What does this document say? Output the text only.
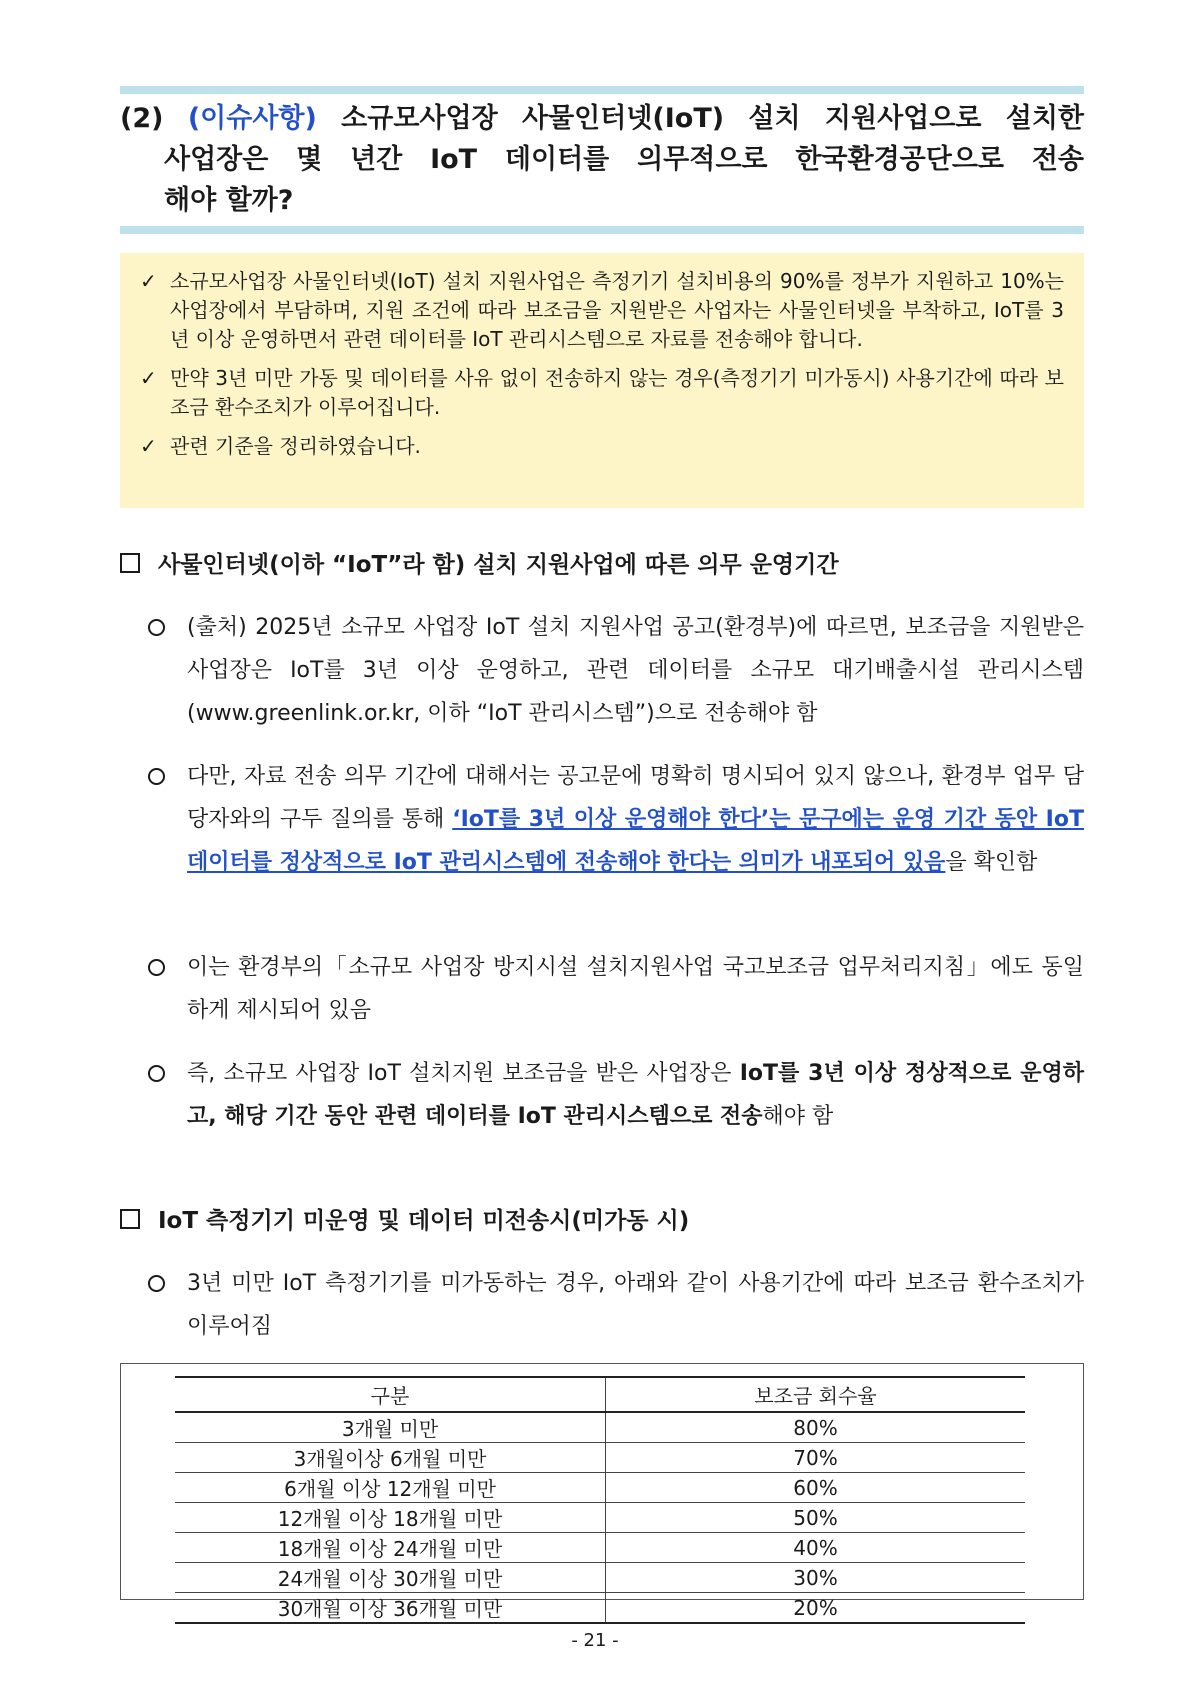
(2) (이슈사항) 소규모사업장 사물인터넷(IoT) 설치 지원사업으로 설치한
사업장은 몇 년간 IoT 데이터를 의무적으로 한국환경공단으로 전송
해야 할까?
✓ 소규모사업장 사물인터넷(IoT) 설치 지원사업은 측정기기 설치비용의 90%를 정부가 지원하고 10%는 사업장에서 부담하며, 지원 조건에 따라 보조금을 지원받은 사업자는 사물인터넷을 부착하고, IoT를 3년 이상 운영하면서 관련 데이터를 IoT 관리시스템으로 자료를 전송해야 합니다.
✓ 만약 3년 미만 가동 및 데이터를 사유 없이 전송하지 않는 경우(측정기기 미가동시) 사용기간에 따라 보조금 환수조치가 이루어집니다.
✓ 관련 기준을 정리하였습니다.
사물인터넷(이하 “IoT”라 함) 설치 지원사업에 따른 의무 운영기간
(출처) 2025년 소규모 사업장 IoT 설치 지원사업 공고(환경부)에 따르면, 보조금을 지원받은 사업장은 IoT를 3년 이상 운영하고, 관련 데이터를 소규모 대기배출시설 관리시스템(www.greenlink.or.kr, 이하 “IoT 관리시스템”)으로 전송해야 함
다만, 자료 전송 의무 기간에 대해서는 공고문에 명확히 명시되어 있지 않으나, 환경부 업무 담당자와의 구두 질의를 통해 ‘IoT를 3년 이상 운영해야 한다’는 문구에는 운영 기간 동안 IoT 데이터를 정상적으로 IoT 관리시스템에 전송해야 한다는 의미가 내포되어 있음을 확인함
이는 환경부의「소규모 사업장 방지시설 설치지원사업 국고보조금 업무처리지침」에도 동일하게 제시되어 있음
즉, 소규모 사업장 IoT 설치지원 보조금을 받은 사업장은 IoT를 3년 이상 정상적으로 운영하고, 해당 기간 동안 관련 데이터를 IoT 관리시스템으로 전송해야 함
IoT 측정기기 미운영 및 데이터 미전송시(미가동 시)
3년 미만 IoT 측정기기를 미가동하는 경우, 아래와 같이 사용기간에 따라 보조금 환수조치가 이루어짐
구분	보조금 회수율
3개월 미만	80%
3개월이상 6개월 미만	70%
6개월 이상 12개월 미만	60%
12개월 이상 18개월 미만	50%
18개월 이상 24개월 미만	40%
24개월 이상 30개월 미만	30%
30개월 이상 36개월 미만	20%
- 21 -
